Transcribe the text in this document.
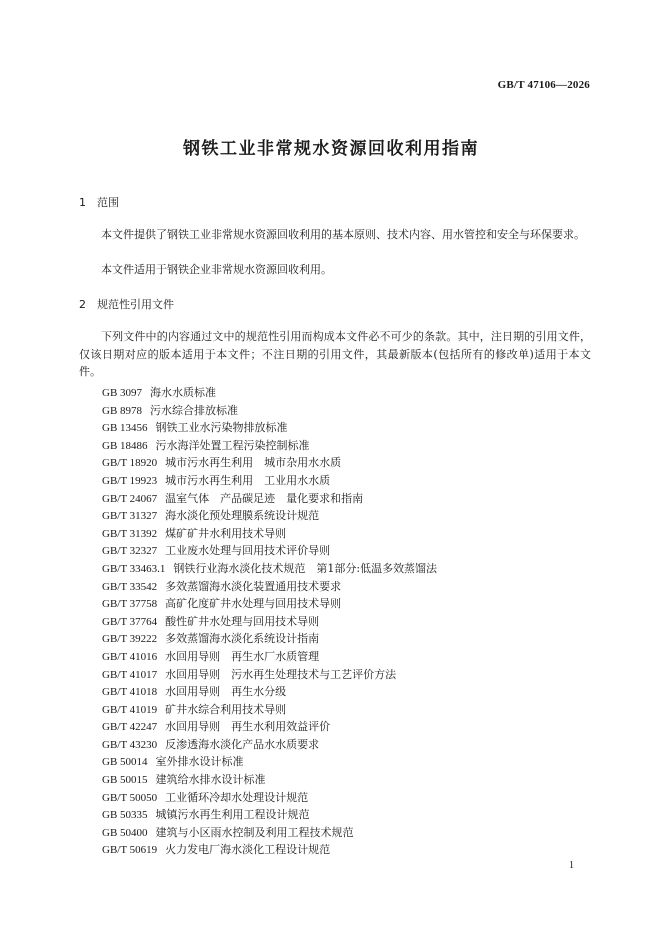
GB/T 47106—2026
钢铁工业非常规水资源回收利用指南
1 范围
本文件提供了钢铁工业非常规水资源回收利用的基本原则、技术内容、用水管控和安全与环保要求。
本文件适用于钢铁企业非常规水资源回收利用。
2 规范性引用文件
下列文件中的内容通过文中的规范性引用而构成本文件必不可少的条款。其中，注日期的引用文件，仅该日期对应的版本适用于本文件；不注日期的引用文件，其最新版本(包括所有的修改单)适用于本文件。
GB 3097 海水水质标准
GB 8978 污水综合排放标准
GB 13456 钢铁工业水污染物排放标准
GB 18486 污水海洋处置工程污染控制标准
GB/T 18920 城市污水再生利用　城市杂用水水质
GB/T 19923 城市污水再生利用　工业用水水质
GB/T 24067 温室气体　产品碳足迹　量化要求和指南
GB/T 31327 海水淡化预处理膜系统设计规范
GB/T 31392 煤矿矿井水利用技术导则
GB/T 32327 工业废水处理与回用技术评价导则
GB/T 33463.1 钢铁行业海水淡化技术规范　第1部分:低温多效蒸馏法
GB/T 33542 多效蒸馏海水淡化装置通用技术要求
GB/T 37758 高矿化度矿井水处理与回用技术导则
GB/T 37764 酸性矿井水处理与回用技术导则
GB/T 39222 多效蒸馏海水淡化系统设计指南
GB/T 41016 水回用导则　再生水厂水质管理
GB/T 41017 水回用导则　污水再生处理技术与工艺评价方法
GB/T 41018 水回用导则　再生水分级
GB/T 41019 矿井水综合利用技术导则
GB/T 42247 水回用导则　再生水利用效益评价
GB/T 43230 反渗透海水淡化产品水水质要求
GB 50014 室外排水设计标准
GB 50015 建筑给水排水设计标准
GB/T 50050 工业循环冷却水处理设计规范
GB 50335 城镇污水再生利用工程设计规范
GB 50400 建筑与小区雨水控制及利用工程技术规范
GB/T 50619 火力发电厂海水淡化工程设计规范
1
